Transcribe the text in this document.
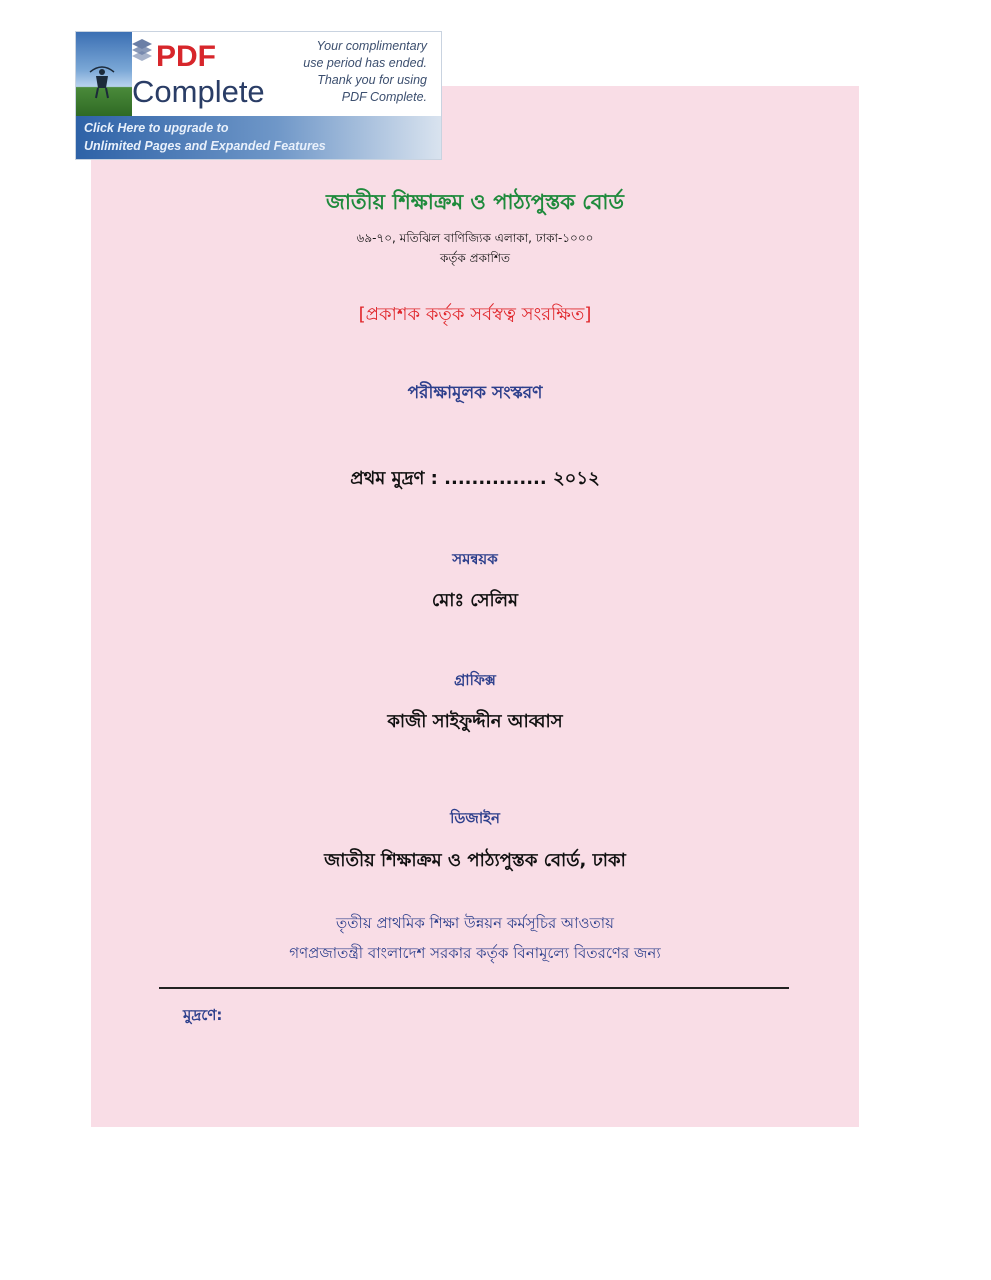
জাতীয় শিক্ষাক্রম ও পাঠ্যপুস্তক বোর্ড
৬৯-৭০, মতিঝিল বাণিজ্যিক এলাকা, ঢাকা-১০০০
কর্তৃক প্রকাশিত
[প্রকাশক কর্তৃক সর্বস্বত্ব সংরক্ষিত]
পরীক্ষামূলক সংস্করণ
প্রথম মুদ্রণ : ............... ২০১২
সমন্বয়ক
মোঃ সেলিম
গ্রাফিক্স
কাজী সাইফুদ্দীন আব্বাস
ডিজাইন
জাতীয় শিক্ষাক্রম ও পাঠ্যপুস্তক বোর্ড, ঢাকা
তৃতীয় প্রাথমিক শিক্ষা উন্নয়ন কর্মসূচির আওতায়
গণপ্রজাতন্ত্রী বাংলাদেশ সরকার কর্তৃক বিনামূল্যে বিতরণের জন্য
মুদ্রণে:
PDF
Complete
Your complimentary
use period has ended.
Thank you for using
PDF Complete.
Click Here to upgrade to
Unlimited Pages and Expanded Features
